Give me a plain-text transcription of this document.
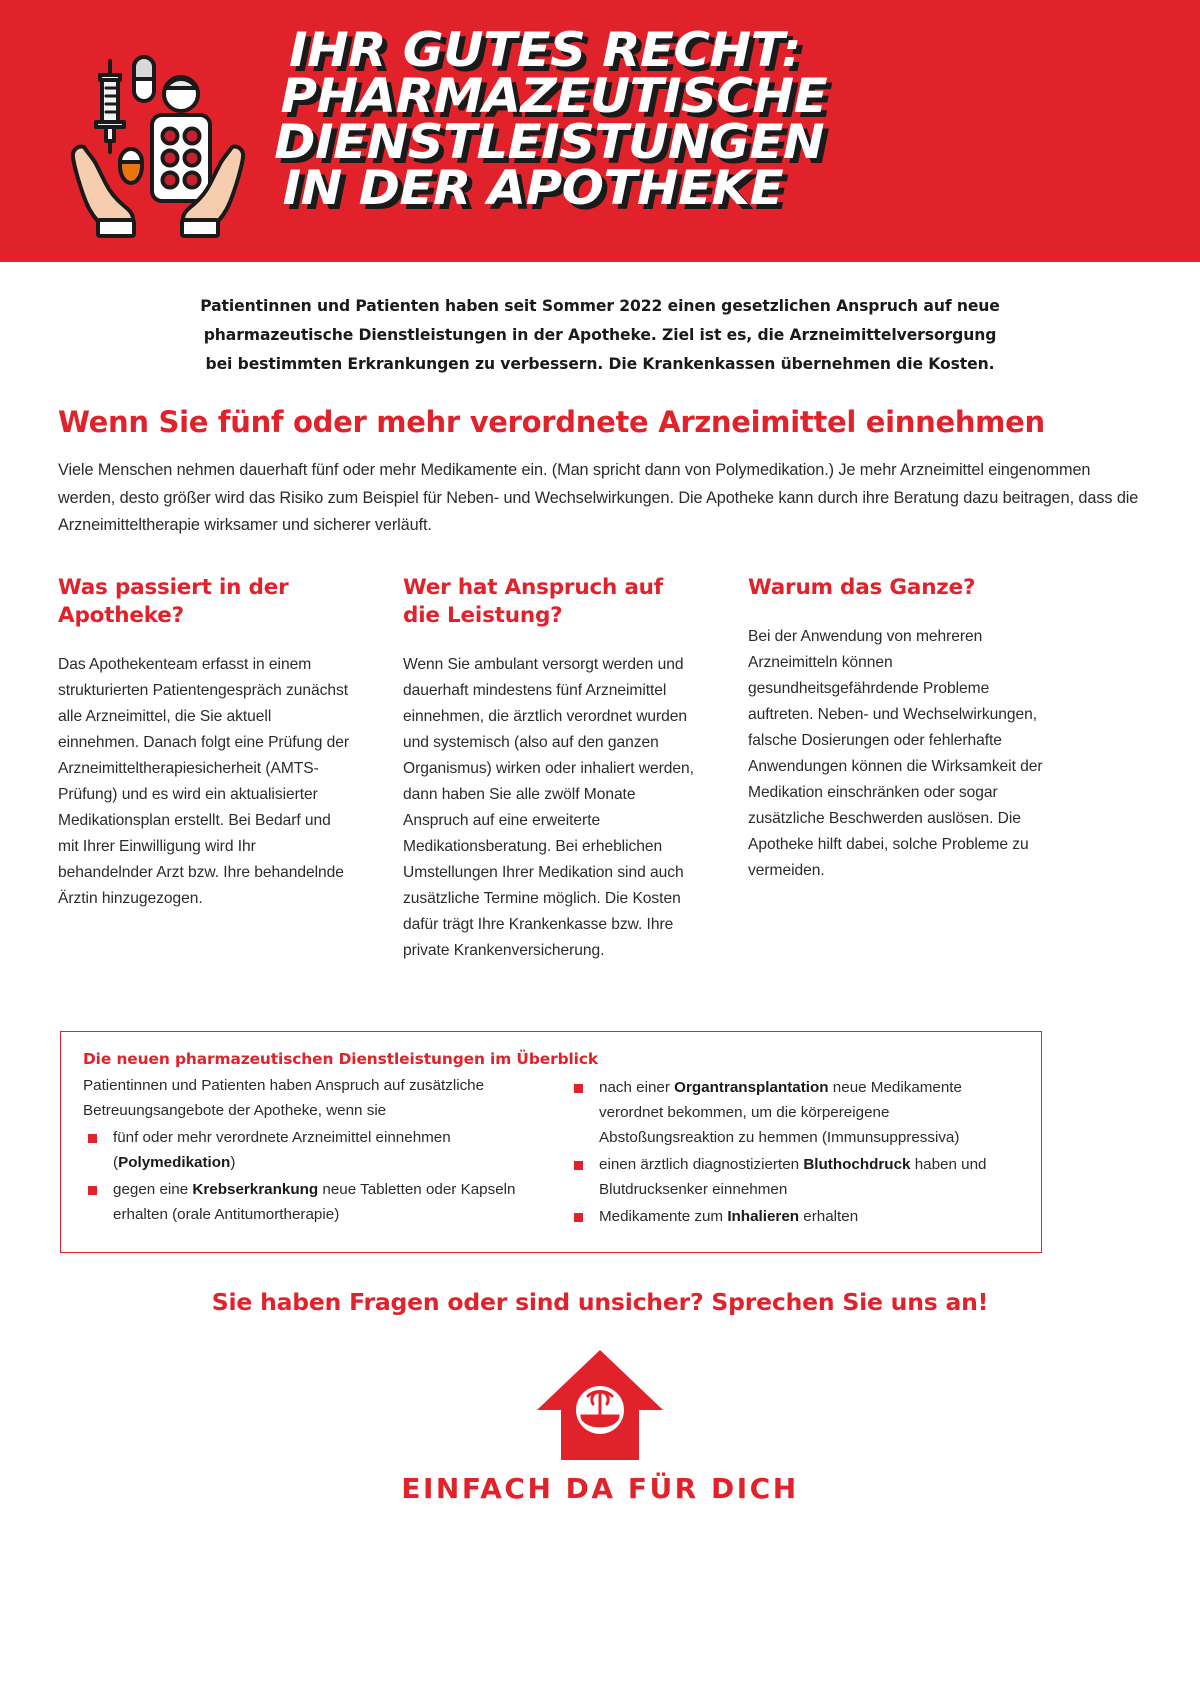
IHR GUTES RECHT:
PHARMAZEUTISCHE
DIENSTLEISTUNGEN
IN DER APOTHEKE

Patientinnen und Patienten haben seit Sommer 2022 einen gesetzlichen Anspruch auf neue pharmazeutische Dienstleistungen in der Apotheke. Ziel ist es, die Arzneimittelversorgung bei bestimmten Erkrankungen zu verbessern. Die Krankenkassen übernehmen die Kosten.

Wenn Sie fünf oder mehr verordnete Arzneimittel einnehmen

Viele Menschen nehmen dauerhaft fünf oder mehr Medikamente ein. (Man spricht dann von Polymedikation.) Je mehr Arzneimittel eingenommen werden, desto größer wird das Risiko zum Beispiel für Neben- und Wechselwirkungen. Die Apotheke kann durch ihre Beratung dazu beitragen, dass die Arzneimitteltherapie wirksamer und sicherer verläuft.

Was passiert in der Apotheke?

Das Apothekenteam erfasst in einem strukturierten Patientengespräch zunächst alle Arzneimittel, die Sie aktuell einnehmen. Danach folgt eine Prüfung der Arzneimitteltherapiesicherheit (AMTS-Prüfung) und es wird ein aktualisierter Medikationsplan erstellt. Bei Bedarf und mit Ihrer Einwilligung wird Ihr behandelnder Arzt bzw. Ihre behandelnde Ärztin hinzugezogen.

Wer hat Anspruch auf die Leistung?

Wenn Sie ambulant versorgt werden und dauerhaft mindestens fünf Arzneimittel einnehmen, die ärztlich verordnet wurden und systemisch (also auf den ganzen Organismus) wirken oder inhaliert werden, dann haben Sie alle zwölf Monate Anspruch auf eine erweiterte Medikationsberatung. Bei erheblichen Umstellungen Ihrer Medikation sind auch zusätzliche Termine möglich. Die Kosten dafür trägt Ihre Krankenkasse bzw. Ihre private Krankenversicherung.

Warum das Ganze?

Bei der Anwendung von mehreren Arzneimitteln können gesundheitsgefährdende Probleme auftreten. Neben- und Wechselwirkungen, falsche Dosierungen oder fehlerhafte Anwendungen können die Wirksamkeit der Medikation einschränken oder sogar zusätzliche Beschwerden auslösen. Die Apotheke hilft dabei, solche Probleme zu vermeiden.

Die neuen pharmazeutischen Dienstleistungen im Überblick
Patientinnen und Patienten haben Anspruch auf zusätzliche Betreuungsangebote der Apotheke, wenn sie
fünf oder mehr verordnete Arzneimittel einnehmen (Polymedikation)
gegen eine Krebserkrankung neue Tabletten oder Kapseln erhalten (orale Antitumortherapie)
nach einer Organtransplantation neue Medikamente verordnet bekommen, um die körpereigene Abstoßungsreaktion zu hemmen (Immunsuppressiva)
einen ärztlich diagnostizierten Bluthochdruck haben und Blutdrucksenker einnehmen
Medikamente zum Inhalieren erhalten
Sie haben Fragen oder sind unsicher? Sprechen Sie uns an!
EINFACH DA FÜR DICH
